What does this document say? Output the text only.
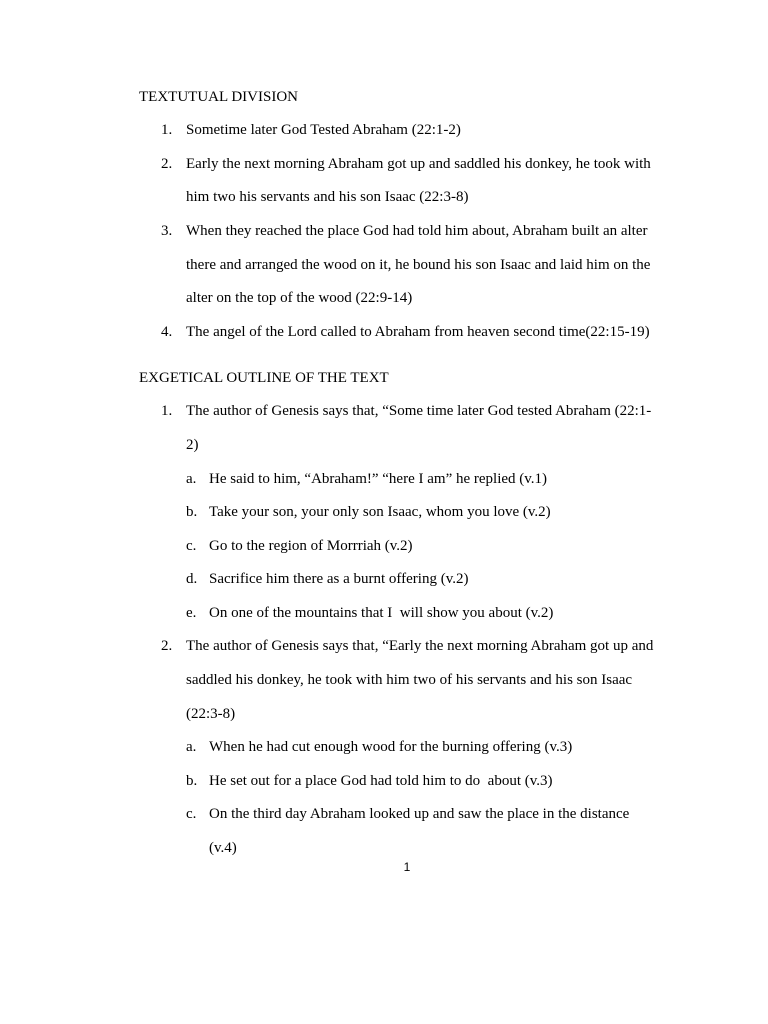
TEXTUTUAL DIVISION
1. Sometime later God Tested Abraham (22:1-2)
2. Early the next morning Abraham got up and saddled his donkey, he took with
him two his servants and his son Isaac (22:3-8)
3. When they reached the place God had told him about, Abraham built an alter
there and arranged the wood on it, he bound his son Isaac and laid him on the
alter on the top of the wood (22:9-14)
4. The angel of the Lord called to Abraham from heaven second time(22:15-19)
EXGETICAL OUTLINE OF THE TEXT
1. The author of Genesis says that, “Some time later God tested Abraham (22:1-
2)
a. He said to him, “Abraham!” “here I am” he replied (v.1)
b. Take your son, your only son Isaac, whom you love (v.2)
c. Go to the region of Morrriah (v.2)
d. Sacrifice him there as a burnt offering (v.2)
e. On one of the mountains that I  will show you about (v.2)
2. The author of Genesis says that, “Early the next morning Abraham got up and
saddled his donkey, he took with him two of his servants and his son Isaac
(22:3-8)
a. When he had cut enough wood for the burning offering (v.3)
b. He set out for a place God had told him to do  about (v.3)
c. On the third day Abraham looked up and saw the place in the distance
(v.4)
1
